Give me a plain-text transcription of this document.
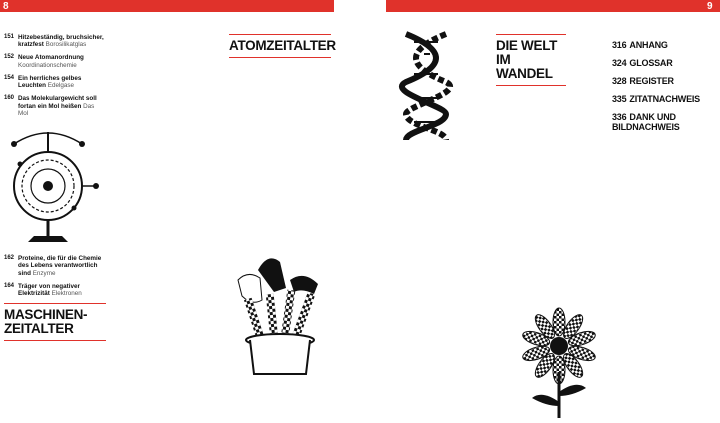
8	9
151 Hitzebeständig, bruchsicher, kratzfest Borosilikatglas
152 Neue Atomanordnung Koordinationschemie
154 Ein herrliches gelbes Leuchten Edelgase
160 Das Molekulargewicht soll fortan ein Mol heißen Das Mol
162 Proteine, die für die Chemie des Lebens verantwortlich sind Enzyme
164 Träger von negativer Elektrizität Elektronen
MASCHINEN-ZEITALTER
ATOMZEITALTER	DIE WELT IM WANDEL
316 ANHANG
324 GLOSSAR
328 REGISTER
335 ZITATNACHWEIS
336 DANK UND BILDNACHWEIS
